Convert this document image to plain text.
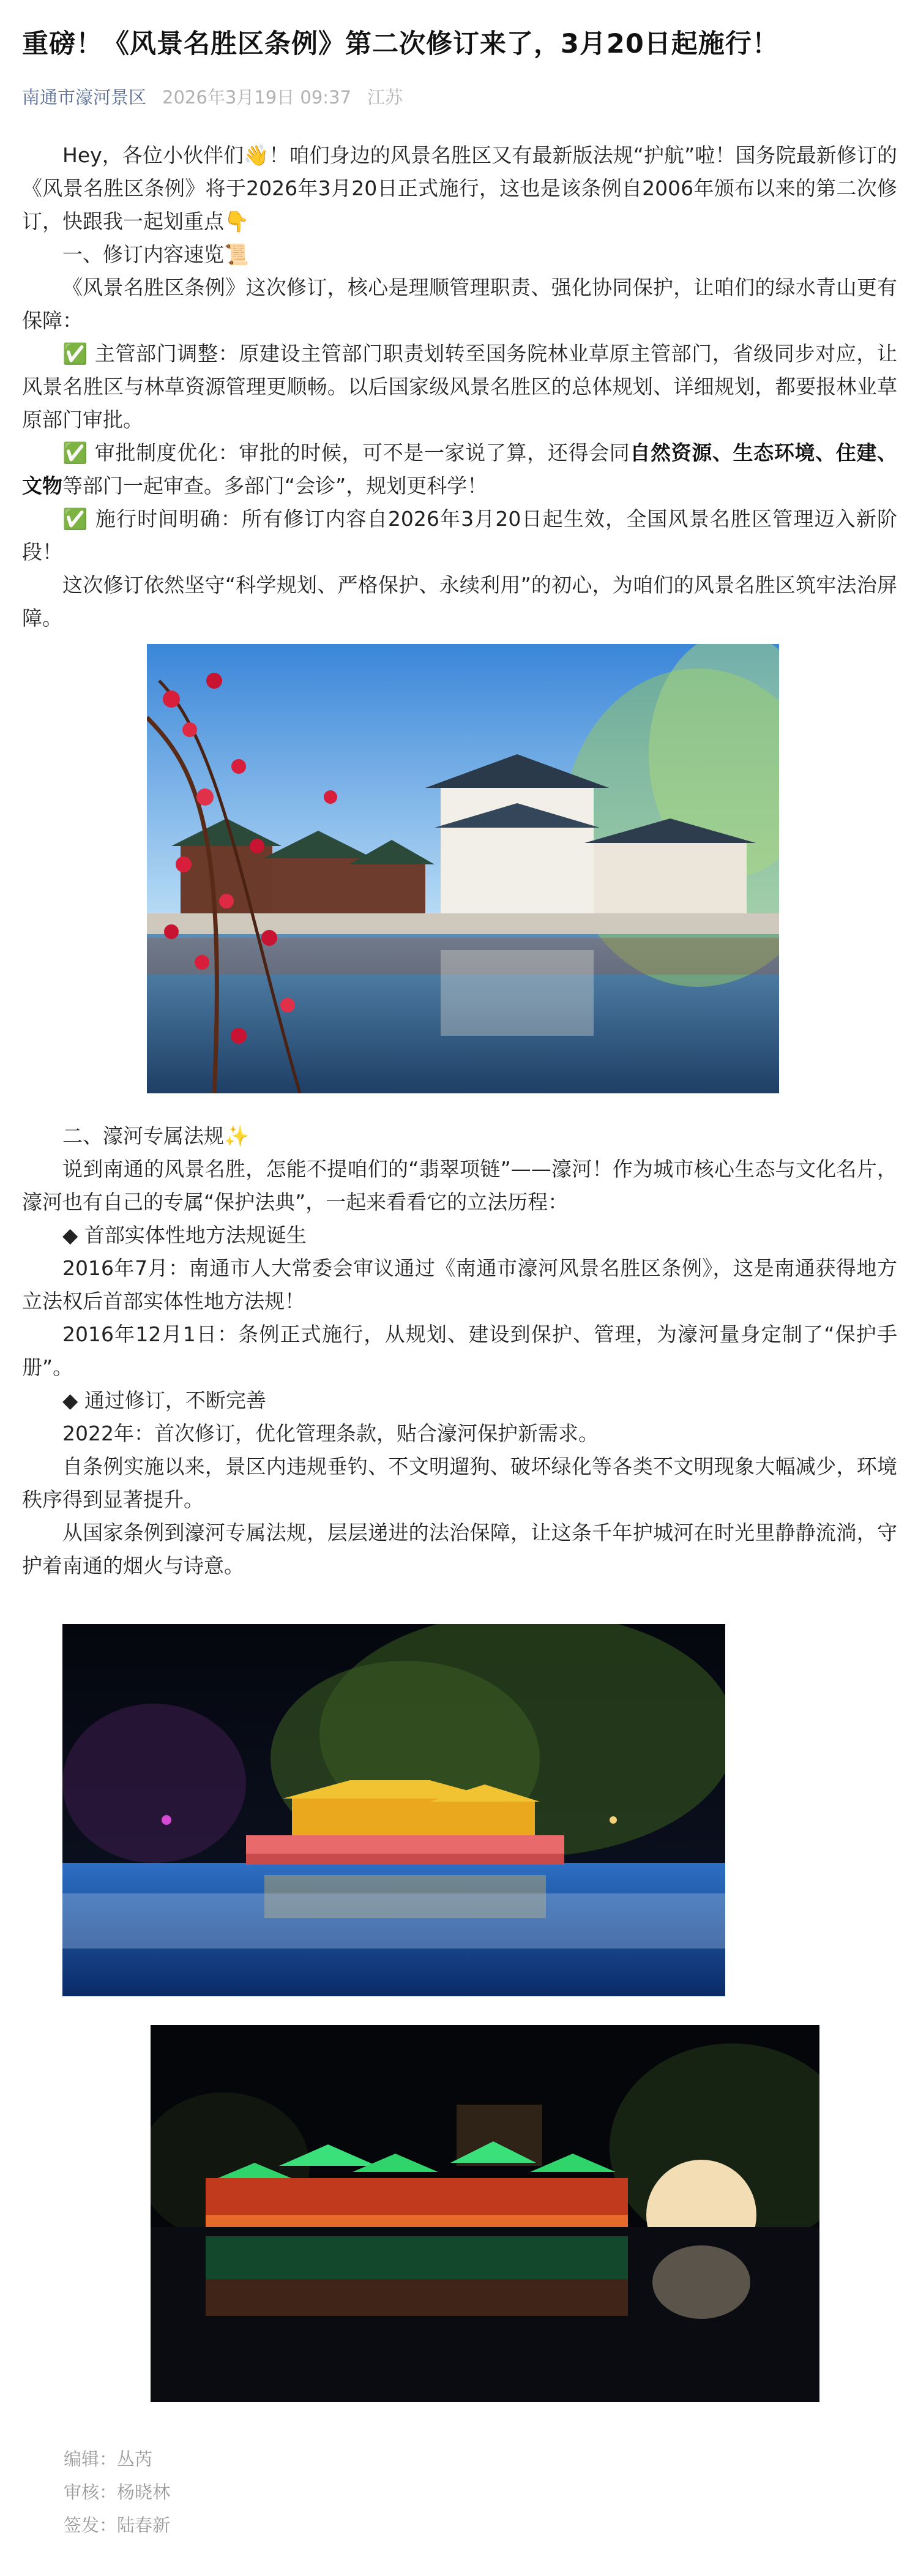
重磅！《风景名胜区条例》第二次修订来了，3月20日起施行！
南通市濠河景区 2026年3月19日 09:37 江苏

Hey，各位小伙伴们👋！咱们身边的风景名胜区又有最新版法规“护航”啦！国务院最新修订的《风景名胜区条例》将于2026年3月20日正式施行，这也是该条例自2006年颁布以来的第二次修订，快跟我一起划重点👇

一、修订内容速览📜

《风景名胜区条例》这次修订，核心是理顺管理职责、强化协同保护，让咱们的绿水青山更有保障：

✅ 主管部门调整：原建设主管部门职责划转至国务院林业草原主管部门，省级同步对应，让风景名胜区与林草资源管理更顺畅。以后国家级风景名胜区的总体规划、详细规划，都要报林业草原部门审批。

✅ 审批制度优化：审批的时候，可不是一家说了算，还得会同自然资源、生态环境、住建、文物等部门一起审查。多部门“会诊”，规划更科学！

✅ 施行时间明确：所有修订内容自2026年3月20日起生效，全国风景名胜区管理迈入新阶段！

这次修订依然坚守“科学规划、严格保护、永续利用”的初心，为咱们的风景名胜区筑牢法治屏障。

二、濠河专属法规✨

说到南通的风景名胜，怎能不提咱们的“翡翠项链”——濠河！作为城市核心生态与文化名片，濠河也有自己的专属“保护法典”，一起来看看它的立法历程：

◆ 首部实体性地方法规诞生

2016年7月：南通市人大常委会审议通过《南通市濠河风景名胜区条例》，这是南通获得地方立法权后首部实体性地方法规！

2016年12月1日：条例正式施行，从规划、建设到保护、管理，为濠河量身定制了“保护手册”。

◆ 通过修订，不断完善

2022年：首次修订，优化管理条款，贴合濠河保护新需求。

自条例实施以来，景区内违规垂钓、不文明遛狗、破坏绿化等各类不文明现象大幅减少，环境秩序得到显著提升。

从国家条例到濠河专属法规，层层递进的法治保障，让这条千年护城河在时光里静静流淌，守护着南通的烟火与诗意。

编辑：丛芮

审核：杨晓林

签发：陆春新
